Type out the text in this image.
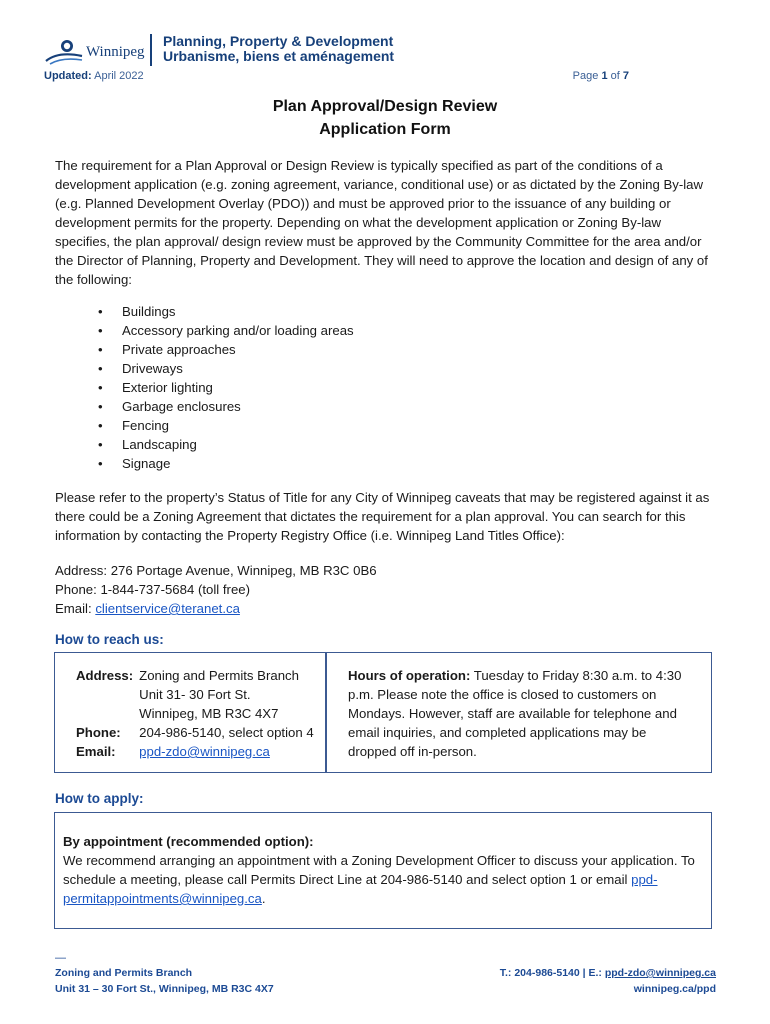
Winnipeg
Planning, Property & Development
Urbanisme, biens et aménagement
Updated: April 2022	Page 1 of 7
Plan Approval/Design Review
Application Form
The requirement for a Plan Approval or Design Review is typically specified as part of the conditions of a development application (e.g. zoning agreement, variance, conditional use) or as dictated by the Zoning By-law (e.g. Planned Development Overlay (PDO)) and must be approved prior to the issuance of any building or development permits for the property. Depending on what the development application or Zoning By-law specifies, the plan approval/ design review must be approved by the Community Committee for the area and/or the Director of Planning, Property and Development. They will need to approve the location and design of any of the following:
• Buildings
• Accessory parking and/or loading areas
• Private approaches
• Driveways
• Exterior lighting
• Garbage enclosures
• Fencing
• Landscaping
• Signage
Please refer to the property’s Status of Title for any City of Winnipeg caveats that may be registered against it as there could be a Zoning Agreement that dictates the requirement for a plan approval. You can search for this information by contacting the Property Registry Office (i.e. Winnipeg Land Titles Office):
Address: 276 Portage Avenue, Winnipeg, MB R3C 0B6
Phone: 1-844-737-5684 (toll free)
Email: clientservice@teranet.ca
How to reach us:
Address:	Zoning and Permits Branch
	Unit 31- 30 Fort St.
	Winnipeg, MB R3C 4X7
Phone:	204-986-5140, select option 4
Email:	ppd-zdo@winnipeg.ca
Hours of operation: Tuesday to Friday 8:30 a.m. to 4:30 p.m. Please note the office is closed to customers on Mondays. However, staff are available for telephone and email inquiries, and completed applications may be dropped off in-person.
How to apply:
By appointment (recommended option):
We recommend arranging an appointment with a Zoning Development Officer to discuss your application. To schedule a meeting, please call Permits Direct Line at 204-986-5140 and select option 1 or email ppd-permitappointments@winnipeg.ca.
—
Zoning and Permits Branch
Unit 31 – 30 Fort St., Winnipeg, MB R3C 4X7
T.: 204-986-5140 | E.: ppd-zdo@winnipeg.ca
winnipeg.ca/ppd
